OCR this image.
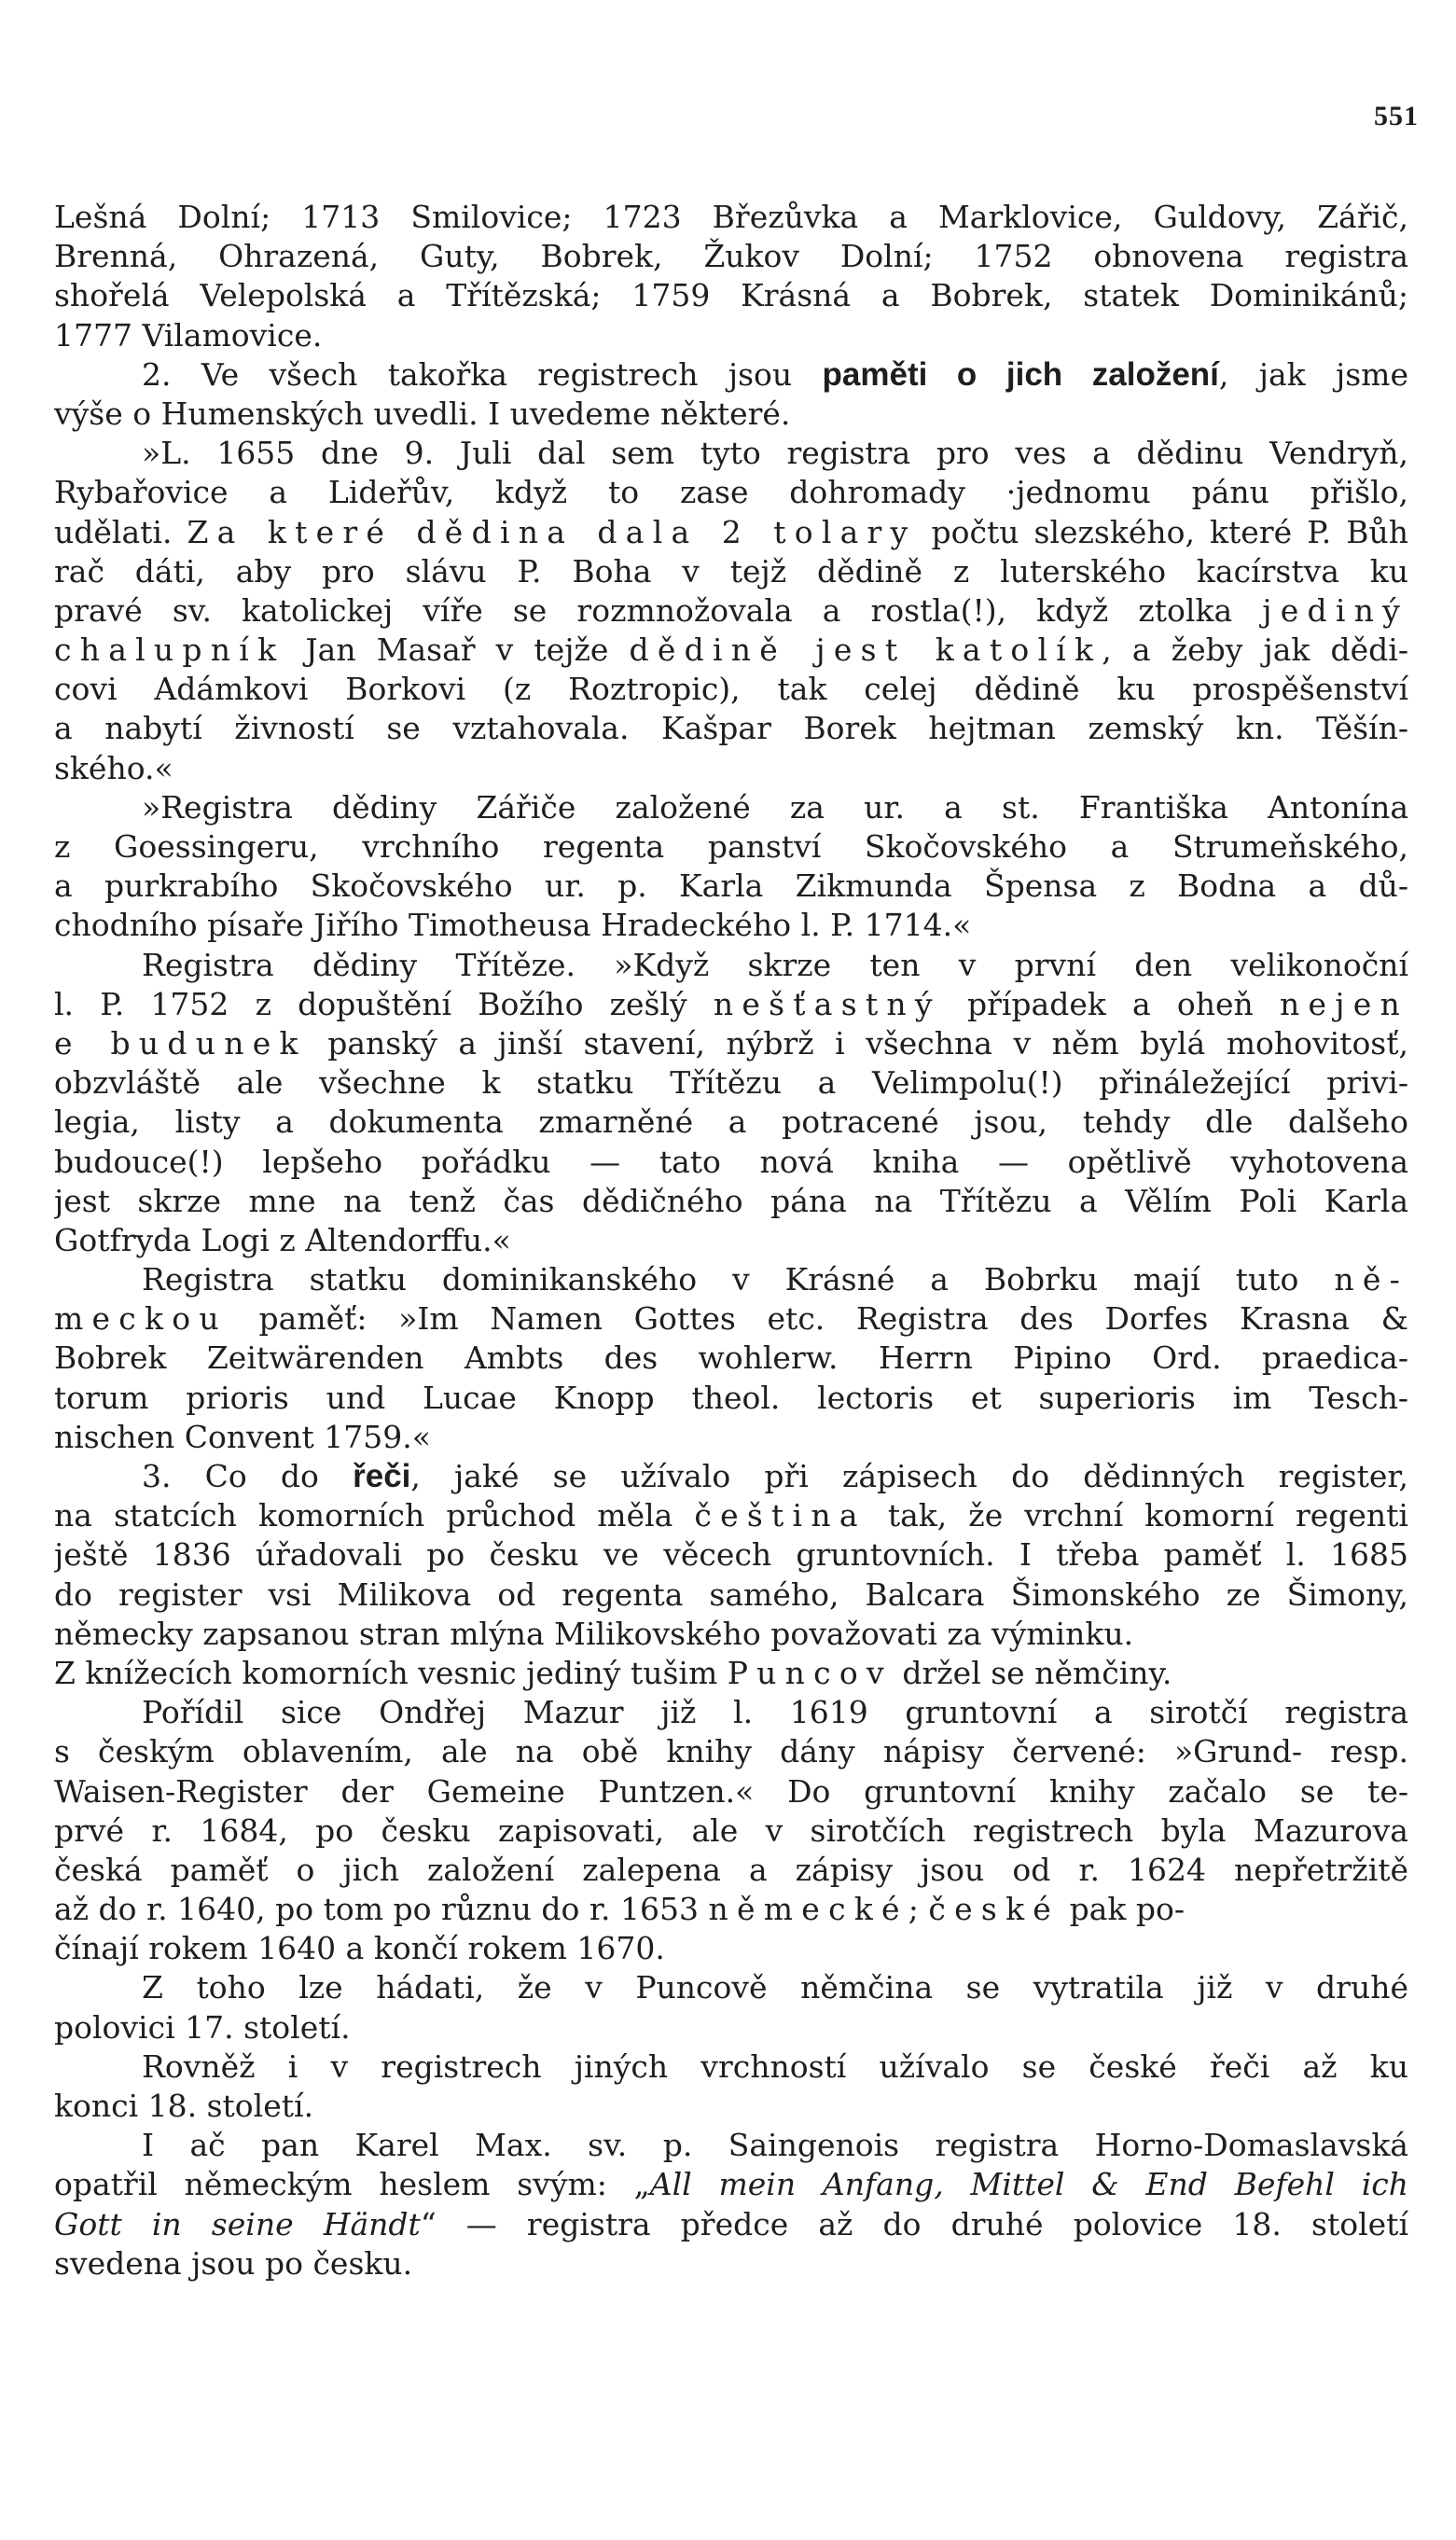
551
Lešná Dolní; 1713 Smilovice; 1723 Březůvka a Marklovice, Guldovy, Zářič,
Brenná, Ohrazená, Guty, Bobrek, Žukov Dolní; 1752 obnovena registra
shořelá Velepolská a Třítězská; 1759 Krásná a Bobrek, statek Dominikánů;
1777 Vilamovice.
2. Ve všech takořka registrech jsou paměti o jich založení, jak jsme
výše o Humenských uvedli. I uvedeme některé.
»L. 1655 dne 9. Juli dal sem tyto registra pro ves a dědinu Vendryň,
Rybařovice a Lideřův, když to zase dohromady ·jednomu pánu přišlo,
udělati. Za které dědina dala 2 tolary počtu slezského, které P. Bůh
rač dáti, aby pro slávu P. Boha v tejž dědině z luterského kacírstva ku
pravé sv. katolickej víře se rozmnožovala a rostla(!), když ztolka jediný
chalupník Jan Masař v tejže dědině jest katolík, a žeby jak dědi-
covi Adámkovi Borkovi (z Roztropic), tak celej dědině ku prospěšenství
a nabytí živností se vztahovala. Kašpar Borek hejtman zemský kn. Těšín-
ského.«
»Registra dědiny Zářiče založené za ur. a st. Františka Antonína
z Goessingeru, vrchního regenta panství Skočovského a Strumeňského,
a purkrabího Skočovského ur. p. Karla Zikmunda Špensa z Bodna a dů-
chodního písaře Jiřího Timotheusa Hradeckého l. P. 1714.«
Registra dědiny Třítěze. »Když skrze ten v první den velikonoční
l. P. 1752 z dopuštění Božího zešlý nešťastný případek a oheň nejen
e budunek panský a jinší stavení, nýbrž i všechna v něm bylá mohovitosť,
obzvláště ale všechne k statku Třítězu a Velimpolu(!) přináležející privi-
legia, listy a dokumenta zmarněné a potracené jsou, tehdy dle dalšeho
budouce(!) lepšeho pořádku — tato nová kniha — opětlivě vyhotovena
jest skrze mne na tenž čas dědičného pána na Třítězu a Vělím Poli Karla
Gotfryda Logi z Altendorffu.«
Registra statku dominikanského v Krásné a Bobrku mají tuto ně-
meckou paměť: »Im Namen Gottes etc. Registra des Dorfes Krasna &
Bobrek Zeitwärenden Ambts des wohlerw. Herrn Pipino Ord. praedica-
torum prioris und Lucae Knopp theol. lectoris et superioris im Tesch-
nischen Convent 1759.«
3. Co do řeči, jaké se užívalo při zápisech do dědinných register,
na statcích komorních průchod měla čeština tak, že vrchní komorní regenti
ještě 1836 úřadovali po česku ve věcech gruntovních. I třeba paměť l. 1685
do register vsi Milikova od regenta samého, Balcara Šimonského ze Šimony,
německy zapsanou stran mlýna Milikovského považovati za výminku.
Z knížecích komorních vesnic jediný tušim Puncov držel se němčiny.
Pořídil sice Ondřej Mazur již l. 1619 gruntovní a sirotčí registra
s českým oblavením, ale na obě knihy dány nápisy červené: »Grund- resp.
Waisen-Register der Gemeine Puntzen.« Do gruntovní knihy začalo se te-
prvé r. 1684, po česku zapisovati, ale v sirotčích registrech byla Mazurova
česká paměť o jich založení zalepena a zápisy jsou od r. 1624 nepřetržitě
až do r. 1640, po tom po různu do r. 1653 německé; české pak po-
čínají rokem 1640 a končí rokem 1670.
Z toho lze hádati, že v Puncově němčina se vytratila již v druhé
polovici 17. století.
Rovněž i v registrech jiných vrchností užívalo se české řeči až ku
konci 18. století.
I ač pan Karel Max. sv. p. Saingenois registra Horno-Domaslavská
opatřil německým heslem svým: „All mein Anfang, Mittel & End Befehl ich
Gott in seine Händt“ — registra předce až do druhé polovice 18. století
svedena jsou po česku.
